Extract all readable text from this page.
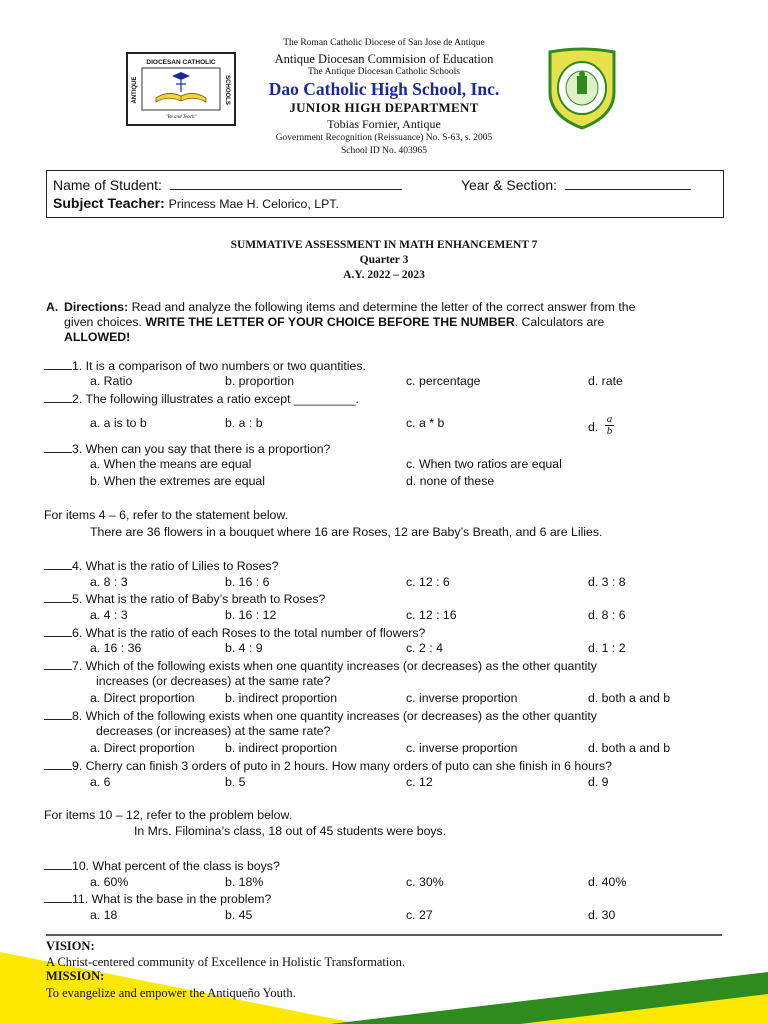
DIOCESAN CATHOLIC
ANTIQUE	SCHOOLS
"Be and Teach"
The Roman Catholic Diocese of San Jose de Antique
Antique Diocesan Commision of Education
The Antique Diocesan Catholic Schools
Dao Catholic High School, Inc.
JUNIOR HIGH DEPARTMENT
Tobias Fornier, Antique
Government Recognition (Reissuance) No. S-63, s. 2005
School ID No. 403965
Name of Student:	Year & Section:
Subject Teacher: Princess Mae H. Celorico, LPT.
SUMMATIVE ASSESSMENT IN MATH ENHANCEMENT 7
Quarter 3
A.Y. 2022 – 2023
A. Directions: Read and analyze the following items and determine the letter of the correct answer from the
given choices. WRITE THE LETTER OF YOUR CHOICE BEFORE THE NUMBER. Calculators are
ALLOWED!
1. It is a comparison of two numbers or two quantities.
a. Ratio	b. proportion	c. percentage	d. rate
2. The following illustrates a ratio except _________.
a. a is to b	b. a : b	c. a * b	d. $\frac{a}{b}$
3. When can you say that there is a proportion?
a. When the means are equal	c. When two ratios are equal
b. When the extremes are equal	d. none of these
For items 4 – 6, refer to the statement below.
There are 36 flowers in a bouquet where 16 are Roses, 12 are Baby’s Breath, and 6 are Lilies.
4. What is the ratio of Lilies to Roses?
a. 8 : 3	b. 16 : 6	c. 12 : 6	d. 3 : 8
5. What is the ratio of Baby’s breath to Roses?
a. 4 : 3	b. 16 : 12	c. 12 : 16	d. 8 : 6
6. What is the ratio of each Roses to the total number of flowers?
a. 16 : 36	b. 4 : 9	c. 2 : 4	d. 1 : 2
7. Which of the following exists when one quantity increases (or decreases) as the other quantity
increases (or decreases) at the same rate?
a. Direct proportion b. indirect proportion	c. inverse proportion	d. both a and b
8. Which of the following exists when one quantity increases (or decreases) as the other quantity
decreases (or increases) at the same rate?
a. Direct proportion b. indirect proportion	c. inverse proportion	d. both a and b
9. Cherry can finish 3 orders of puto in 2 hours. How many orders of puto can she finish in 6 hours?
a. 6	b. 5	c. 12	d. 9
For items 10 – 12, refer to the problem below.
In Mrs. Filomina’s class, 18 out of 45 students were boys.
10. What percent of the class is boys?
a. 60%	b. 18%	c. 30%	d. 40%
11. What is the base in the problem?
a. 18	b. 45	c. 27	d. 30
VISION:
A Christ-centered community of Excellence in Holistic Transformation.
MISSION:
To evangelize and empower the Antiqueño Youth.
